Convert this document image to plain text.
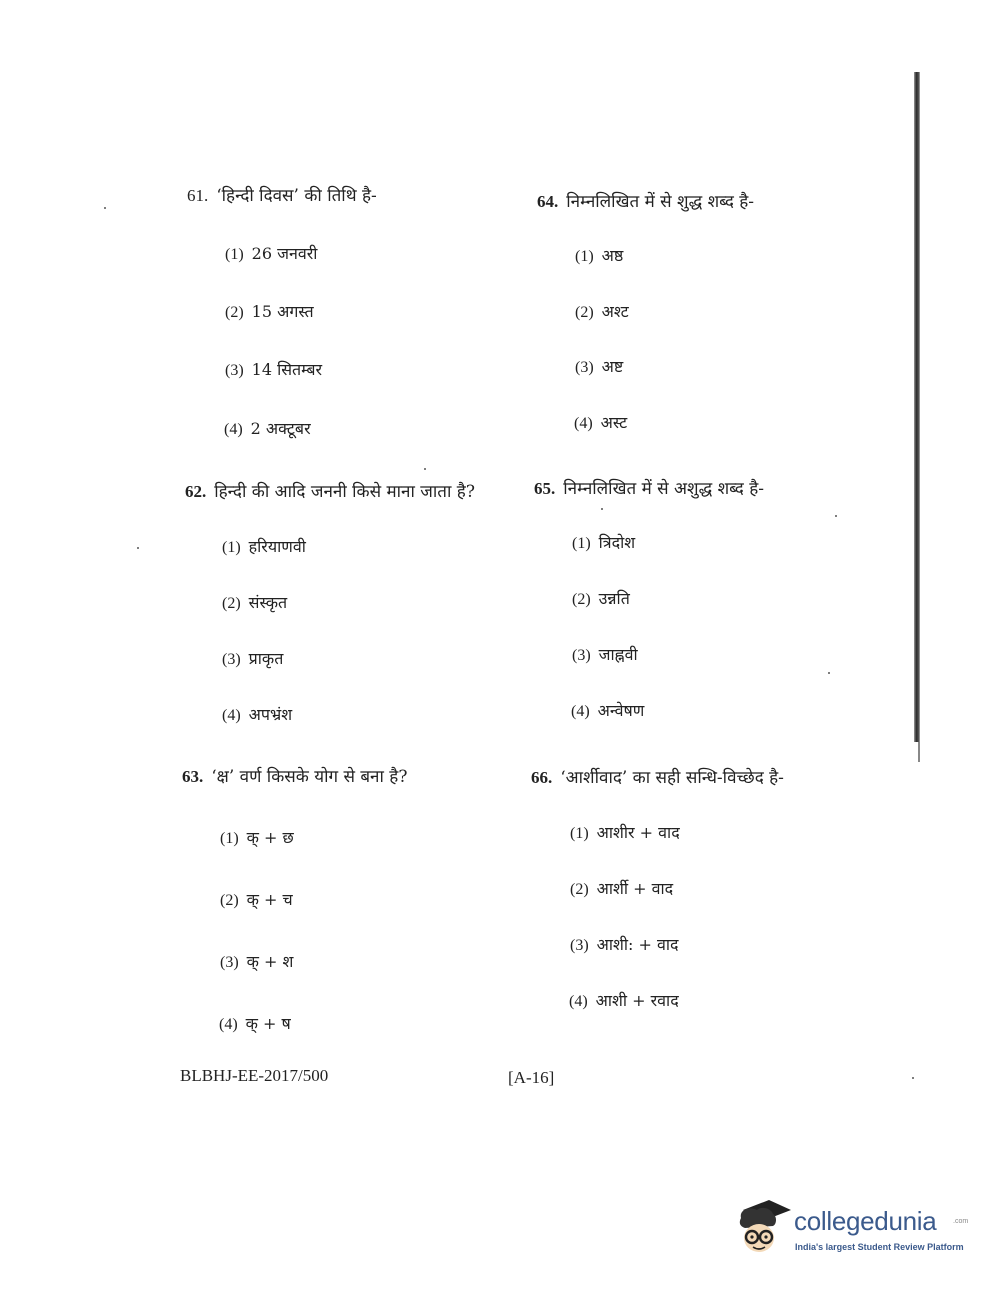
61. ‘हिन्दी दिवस’ की तिथि है-
(1) 26 जनवरी
(2) 15 अगस्त
(3) 14 सितम्बर
(4) 2 अक्टूबर
62. हिन्दी की आदि जननी किसे माना जाता है?
(1) हरियाणवी
(2) संस्कृत
(3) प्राकृत
(4) अपभ्रंश
63. ‘क्ष’ वर्ण किसके योग से बना है?
(1) क् + छ
(2) क् + च
(3) क् + श
(4) क् + ष
64. निम्नलिखित में से शुद्ध शब्द है-
(1) अष्ठ
(2) अश्ट
(3) अष्ट
(4) अस्ट
65. निम्नलिखित में से अशुद्ध शब्द है-
(1) त्रिदोश
(2) उन्नति
(3) जाह्नवी
(4) अन्वेषण
66. ‘आर्शीवाद’ का सही सन्धि-विच्छेद है-
(1) आशीर + वाद
(2) आर्शी + वाद
(3) आशी: + वाद
(4) आशी + रवाद
BLBHJ-EE-2017/500	[A-16]
collegedunia .com
India's largest Student Review Platform
